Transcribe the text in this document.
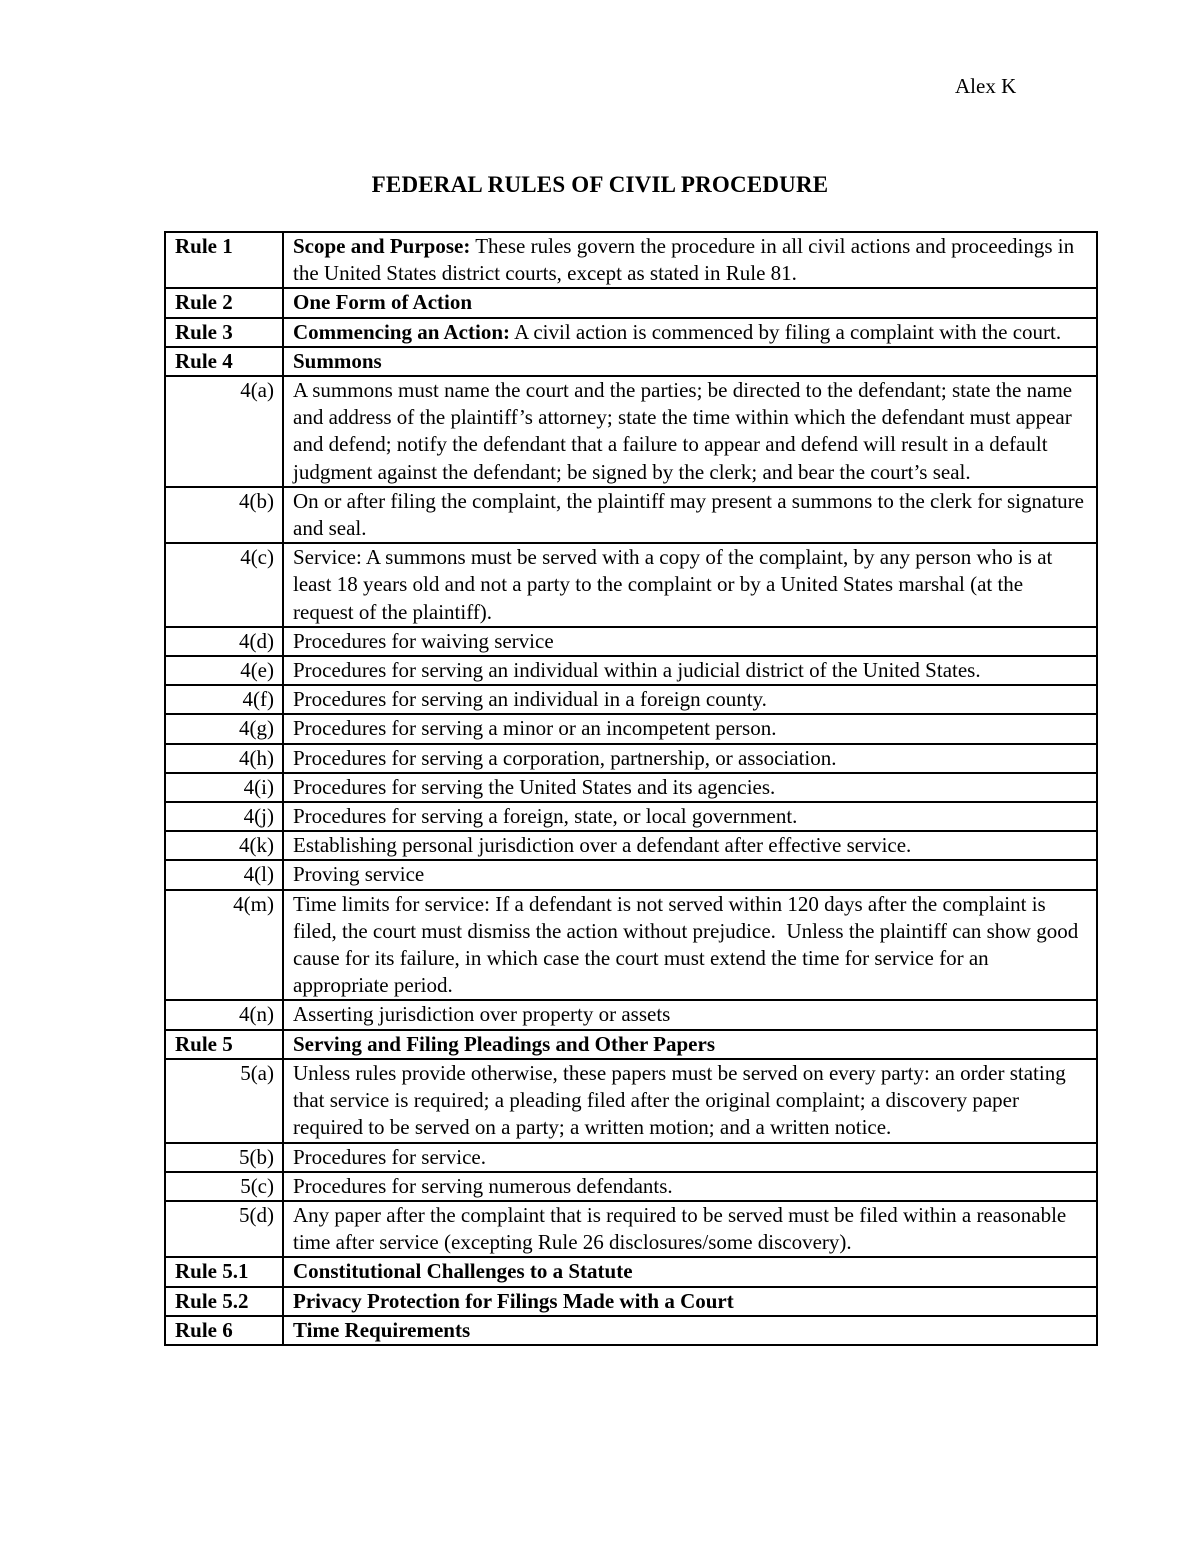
Alex K
FEDERAL RULES OF CIVIL PROCEDURE
Rule 1	Scope and Purpose: These rules govern the procedure in all civil actions and proceedings in the United States district courts, except as stated in Rule 81.
Rule 2	One Form of Action
Rule 3	Commencing an Action: A civil action is commenced by filing a complaint with the court.
Rule 4	Summons
4(a)	A summons must name the court and the parties; be directed to the defendant; state the name and address of the plaintiff’s attorney; state the time within which the defendant must appear and defend; notify the defendant that a failure to appear and defend will result in a default judgment against the defendant; be signed by the clerk; and bear the court’s seal.
4(b)	On or after filing the complaint, the plaintiff may present a summons to the clerk for signature and seal.
4(c)	Service: A summons must be served with a copy of the complaint, by any person who is at least 18 years old and not a party to the complaint or by a United States marshal (at the request of the plaintiff).
4(d)	Procedures for waiving service
4(e)	Procedures for serving an individual within a judicial district of the United States.
4(f)	Procedures for serving an individual in a foreign county.
4(g)	Procedures for serving a minor or an incompetent person.
4(h)	Procedures for serving a corporation, partnership, or association.
4(i)	Procedures for serving the United States and its agencies.
4(j)	Procedures for serving a foreign, state, or local government.
4(k)	Establishing personal jurisdiction over a defendant after effective service.
4(l)	Proving service
4(m)	Time limits for service: If a defendant is not served within 120 days after the complaint is filed, the court must dismiss the action without prejudice.  Unless the plaintiff can show good cause for its failure, in which case the court must extend the time for service for an appropriate period.
4(n)	Asserting jurisdiction over property or assets
Rule 5	Serving and Filing Pleadings and Other Papers
5(a)	Unless rules provide otherwise, these papers must be served on every party: an order stating that service is required; a pleading filed after the original complaint; a discovery paper required to be served on a party; a written motion; and a written notice.
5(b)	Procedures for service.
5(c)	Procedures for serving numerous defendants.
5(d)	Any paper after the complaint that is required to be served must be filed within a reasonable time after service (excepting Rule 26 disclosures/some discovery).
Rule 5.1	Constitutional Challenges to a Statute
Rule 5.2	Privacy Protection for Filings Made with a Court
Rule 6	Time Requirements
